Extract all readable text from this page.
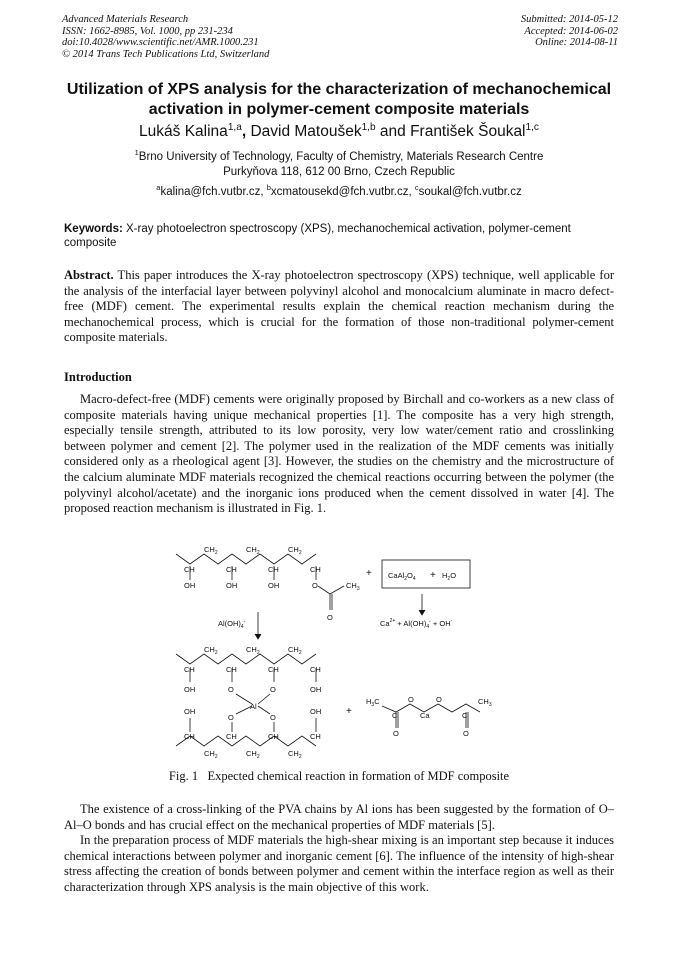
Advanced Materials Research
ISSN: 1662-8985, Vol. 1000, pp 231-234
doi:10.4028/www.scientific.net/AMR.1000.231
© 2014 Trans Tech Publications Ltd, Switzerland
Submitted: 2014-05-12
Accepted: 2014-06-02
Online: 2014-08-11
Utilization of XPS analysis for the characterization of mechanochemical activation in polymer-cement composite materials
Lukáš Kalina$^{1,a}$, David Matoušek$^{1,b}$ and František Šoukal$^{1,c}$
$^1$Brno University of Technology, Faculty of Chemistry, Materials Research Centre
Purkyňova 118, 612 00 Brno, Czech Republic
$^a$kalina@fch.vutbr.cz, $^b$xcmatousekd@fch.vutbr.cz, $^c$soukal@fch.vutbr.cz
Keywords: X-ray photoelectron spectroscopy (XPS), mechanochemical activation, polymer-cement composite
Abstract. This paper introduces the X-ray photoelectron spectroscopy (XPS) technique, well applicable for the analysis of the interfacial layer between polyvinyl alcohol and monocalcium aluminate in macro defect-free (MDF) cement. The experimental results explain the chemical reaction mechanism during the mechanochemical process, which is crucial for the formation of those non-traditional polymer-cement composite materials.
Introduction

Macro-defect-free (MDF) cements were originally proposed by Birchall and co-workers as a new class of composite materials having unique mechanical properties [1]. The composite has a very high strength, especially tensile strength, attributed to its low porosity, very low water/cement ratio and crosslinking between polymer and cement [2]. The polymer used in the realization of the MDF cements was initially considered only as a rheological agent [3]. However, the studies on the chemistry and the microstructure of the calcium aluminate MDF materials recognized the chemical reactions occurring between the polymer (the polyvinyl alcohol/acetate) and the inorganic ions produced when the cement dissolved in water [4]. The proposed reaction mechanism is illustrated in Fig. 1.

$CH_2$	$CH_2$	$CH_2$
CH	CH	CH	CH
OH	OH	OH	O
O
$CH_3$
+ $CaAl_2O_4 + H_2O$
$Al(OH)_4^-$	$Ca^{2+} + Al(OH)_4^- + OH^-$
$CH_2$	$CH_2$	$CH_2$
CH	CH	CH	CH
OH	O	O	OH
Al
OH
O	O
OH
CH	CH	CH	CH
$CH_2$	$CH_2$	$CH_2$
+
$H_3C$
C
O
Ca
O
C
$CH_3$
O	O
Fig. 1   Expected chemical reaction in formation of MDF composite

The existence of a cross-linking of the PVA chains by Al ions has been suggested by the formation of O–Al–O bonds and has crucial effect on the mechanical properties of MDF materials [5].

In the preparation process of MDF materials the high-shear mixing is an important step because it induces chemical interactions between polymer and inorganic cement [6]. The influence of the intensity of high-shear stress affecting the creation of bonds between polymer and cement within the interface region as well as their characterization through XPS analysis is the main objective of this work.
